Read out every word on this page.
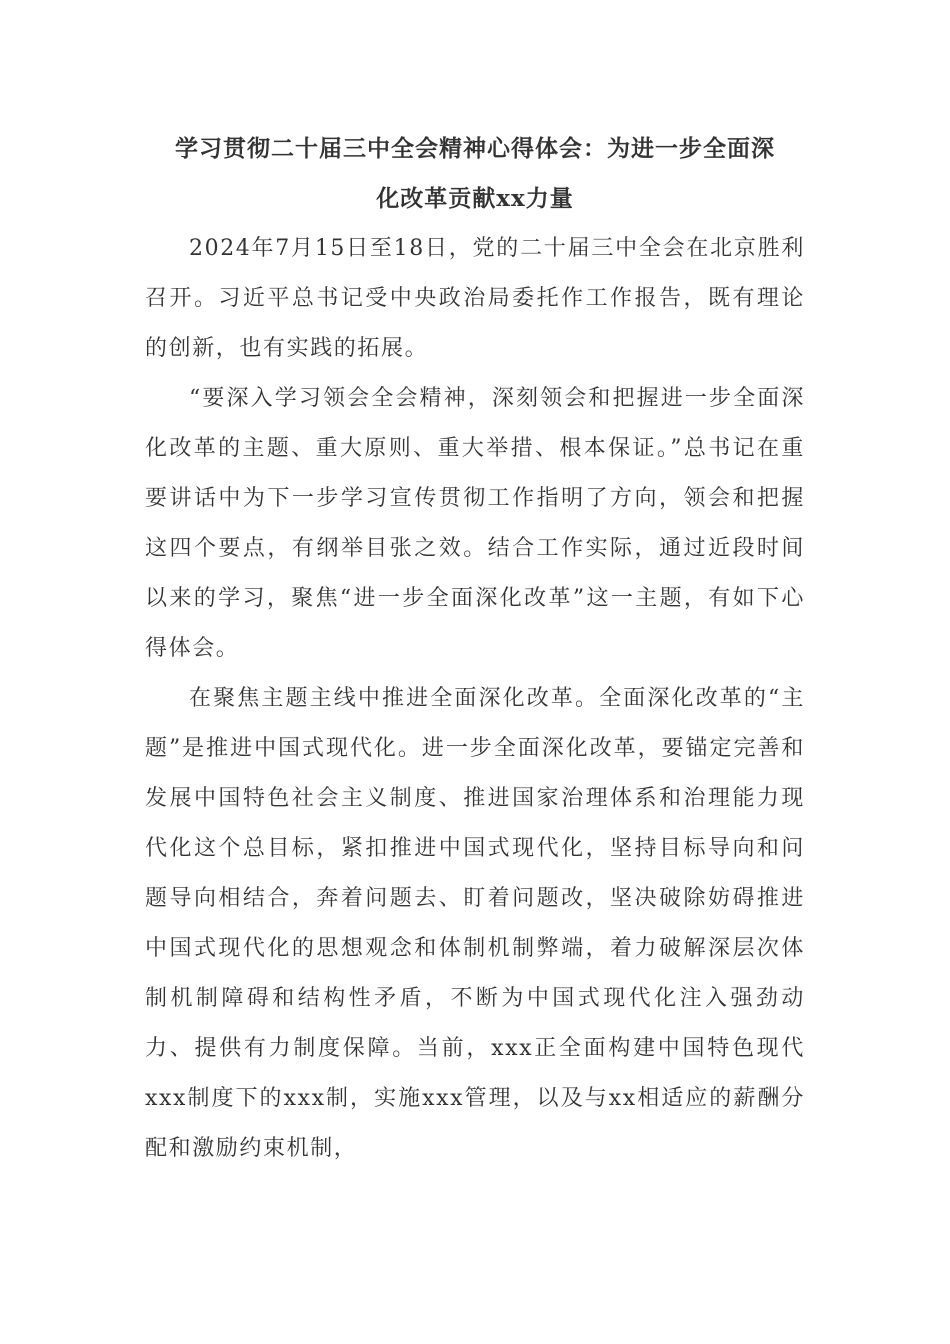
学习贯彻二十届三中全会精神心得体会：为进一步全面深
化改革贡献xx力量

2024年7月15日至18日，党的二十届三中全会在北京胜利召开。习近平总书记受中央政治局委托作工作报告，既有理论的创新，也有实践的拓展。

“要深入学习领会全会精神，深刻领会和把握进一步全面深化改革的主题、重大原则、重大举措、根本保证。”总书记在重要讲话中为下一步学习宣传贯彻工作指明了方向，领会和把握这四个要点，有纲举目张之效。结合工作实际，通过近段时间以来的学习，聚焦“进一步全面深化改革”这一主题，有如下心得体会。

在聚焦主题主线中推进全面深化改革。全面深化改革的“主题”是推进中国式现代化。进一步全面深化改革，要锚定完善和发展中国特色社会主义制度、推进国家治理体系和治理能力现代化这个总目标，紧扣推进中国式现代化，坚持目标导向和问题导向相结合，奔着问题去、盯着问题改，坚决破除妨碍推进中国式现代化的思想观念和体制机制弊端，着力破解深层次体制机制障碍和结构性矛盾，不断为中国式现代化注入强劲动力、提供有力制度保障。当前，xxx正全面构建中国特色现代xxx制度下的xxx制，实施xxx管理，以及与xx相适应的薪酬分配和激励约束机制，
